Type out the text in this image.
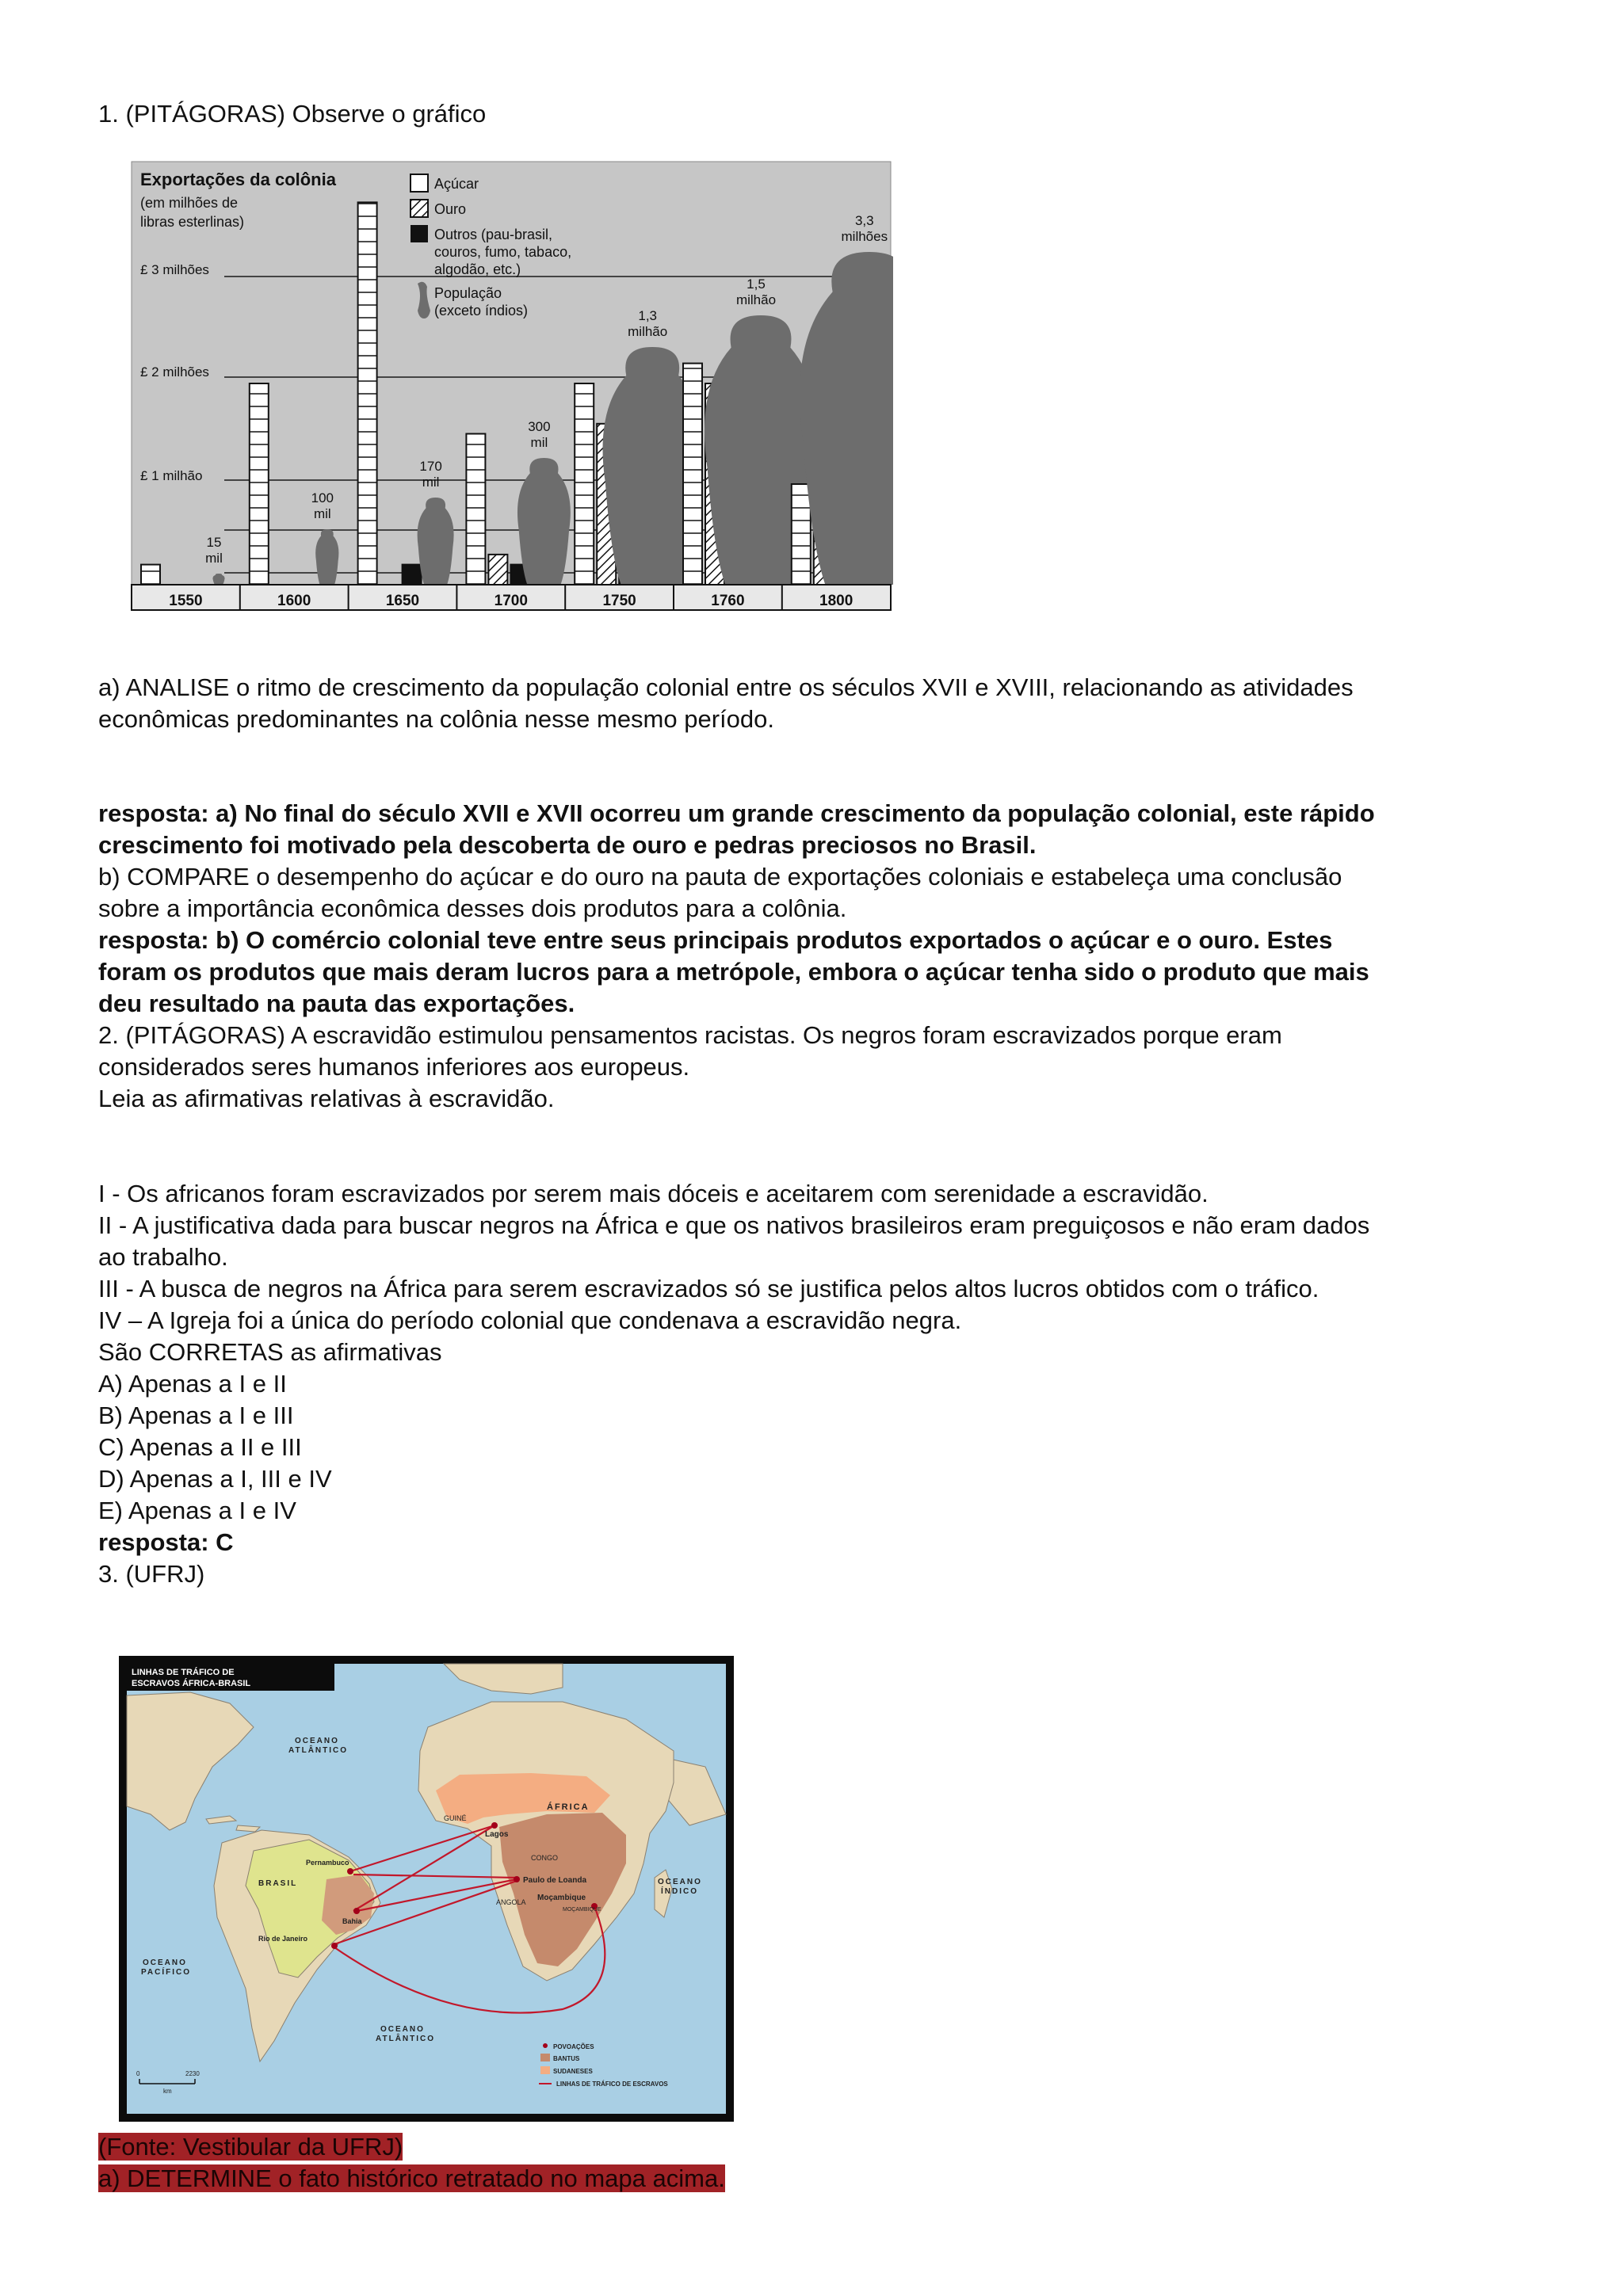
1. (PITÁGORAS) Observe o gráfico
Exportações da colônia
(em milhões de
libras esterlinas)
£ 3 milhões
£ 2 milhões
£ 1 milhão
Açúcar
Ouro
Outros (pau-brasil,
couros, fumo, tabaco,
algodão, etc.)
População
(exceto índios)
15
mil
100
mil
170
mil
300
mil
1,3
milhão
1,5
milhão
3,3
milhões
1550	1600	1650	1700	1750	1760	1800
a) ANALISE o ritmo de crescimento da população colonial entre os séculos XVII e XVIII, relacionando as atividades
econômicas predominantes na colônia nesse mesmo período.
resposta: a) No final do século XVII e XVII ocorreu um grande crescimento da população colonial, este rápido
crescimento foi motivado pela descoberta de ouro e pedras preciosos no Brasil.
b) COMPARE o desempenho do açúcar e do ouro na pauta de exportações coloniais e estabeleça uma conclusão
sobre a importância econômica desses dois produtos para a colônia.
resposta: b) O comércio colonial teve entre seus principais produtos exportados o açúcar e o ouro. Estes
foram os produtos que mais deram lucros para a metrópole, embora o açúcar tenha sido o produto que mais
deu resultado na pauta das exportações.
2. (PITÁGORAS) A escravidão estimulou pensamentos racistas. Os negros foram escravizados porque eram
considerados seres humanos inferiores aos europeus.
Leia as afirmativas relativas à escravidão.
I - Os africanos foram escravizados por serem mais dóceis e aceitarem com serenidade a escravidão.
II - A justificativa dada para buscar negros na África e que os nativos brasileiros eram preguiçosos e não eram dados
ao trabalho.
III - A busca de negros na África para serem escravizados só se justifica pelos altos lucros obtidos com o tráfico.
IV – A Igreja foi a única do período colonial que condenava a escravidão negra.
São CORRETAS as afirmativas
A) Apenas a I e II
B) Apenas a I e III
C) Apenas a II e III
D) Apenas a I, III e IV
E) Apenas a I e IV
resposta: C
3. (UFRJ)
LINHAS DE TRÁFICO DE
ESCRAVOS ÁFRICA-BRASIL
OCEANO
ATLÂNTICO
ÁFRICA
GUINÉ
Lagos
CONGO
Paulo de Loanda
ANGOLA Moçambique
MOÇAMBIQUE
OCEANO
ÍNDICO
Pernambuco
BRASIL
Bahia
Rio de Janeiro
OCEANO
PACÍFICO
OCEANO
ATLÂNTICO
POVOAÇÕES
BANTUS
SUDANESES
LINHAS DE TRÁFICO DE ESCRAVOS
0	2230
km
(Fonte: Vestibular da UFRJ)
a) DETERMINE o fato histórico retratado no mapa acima.
